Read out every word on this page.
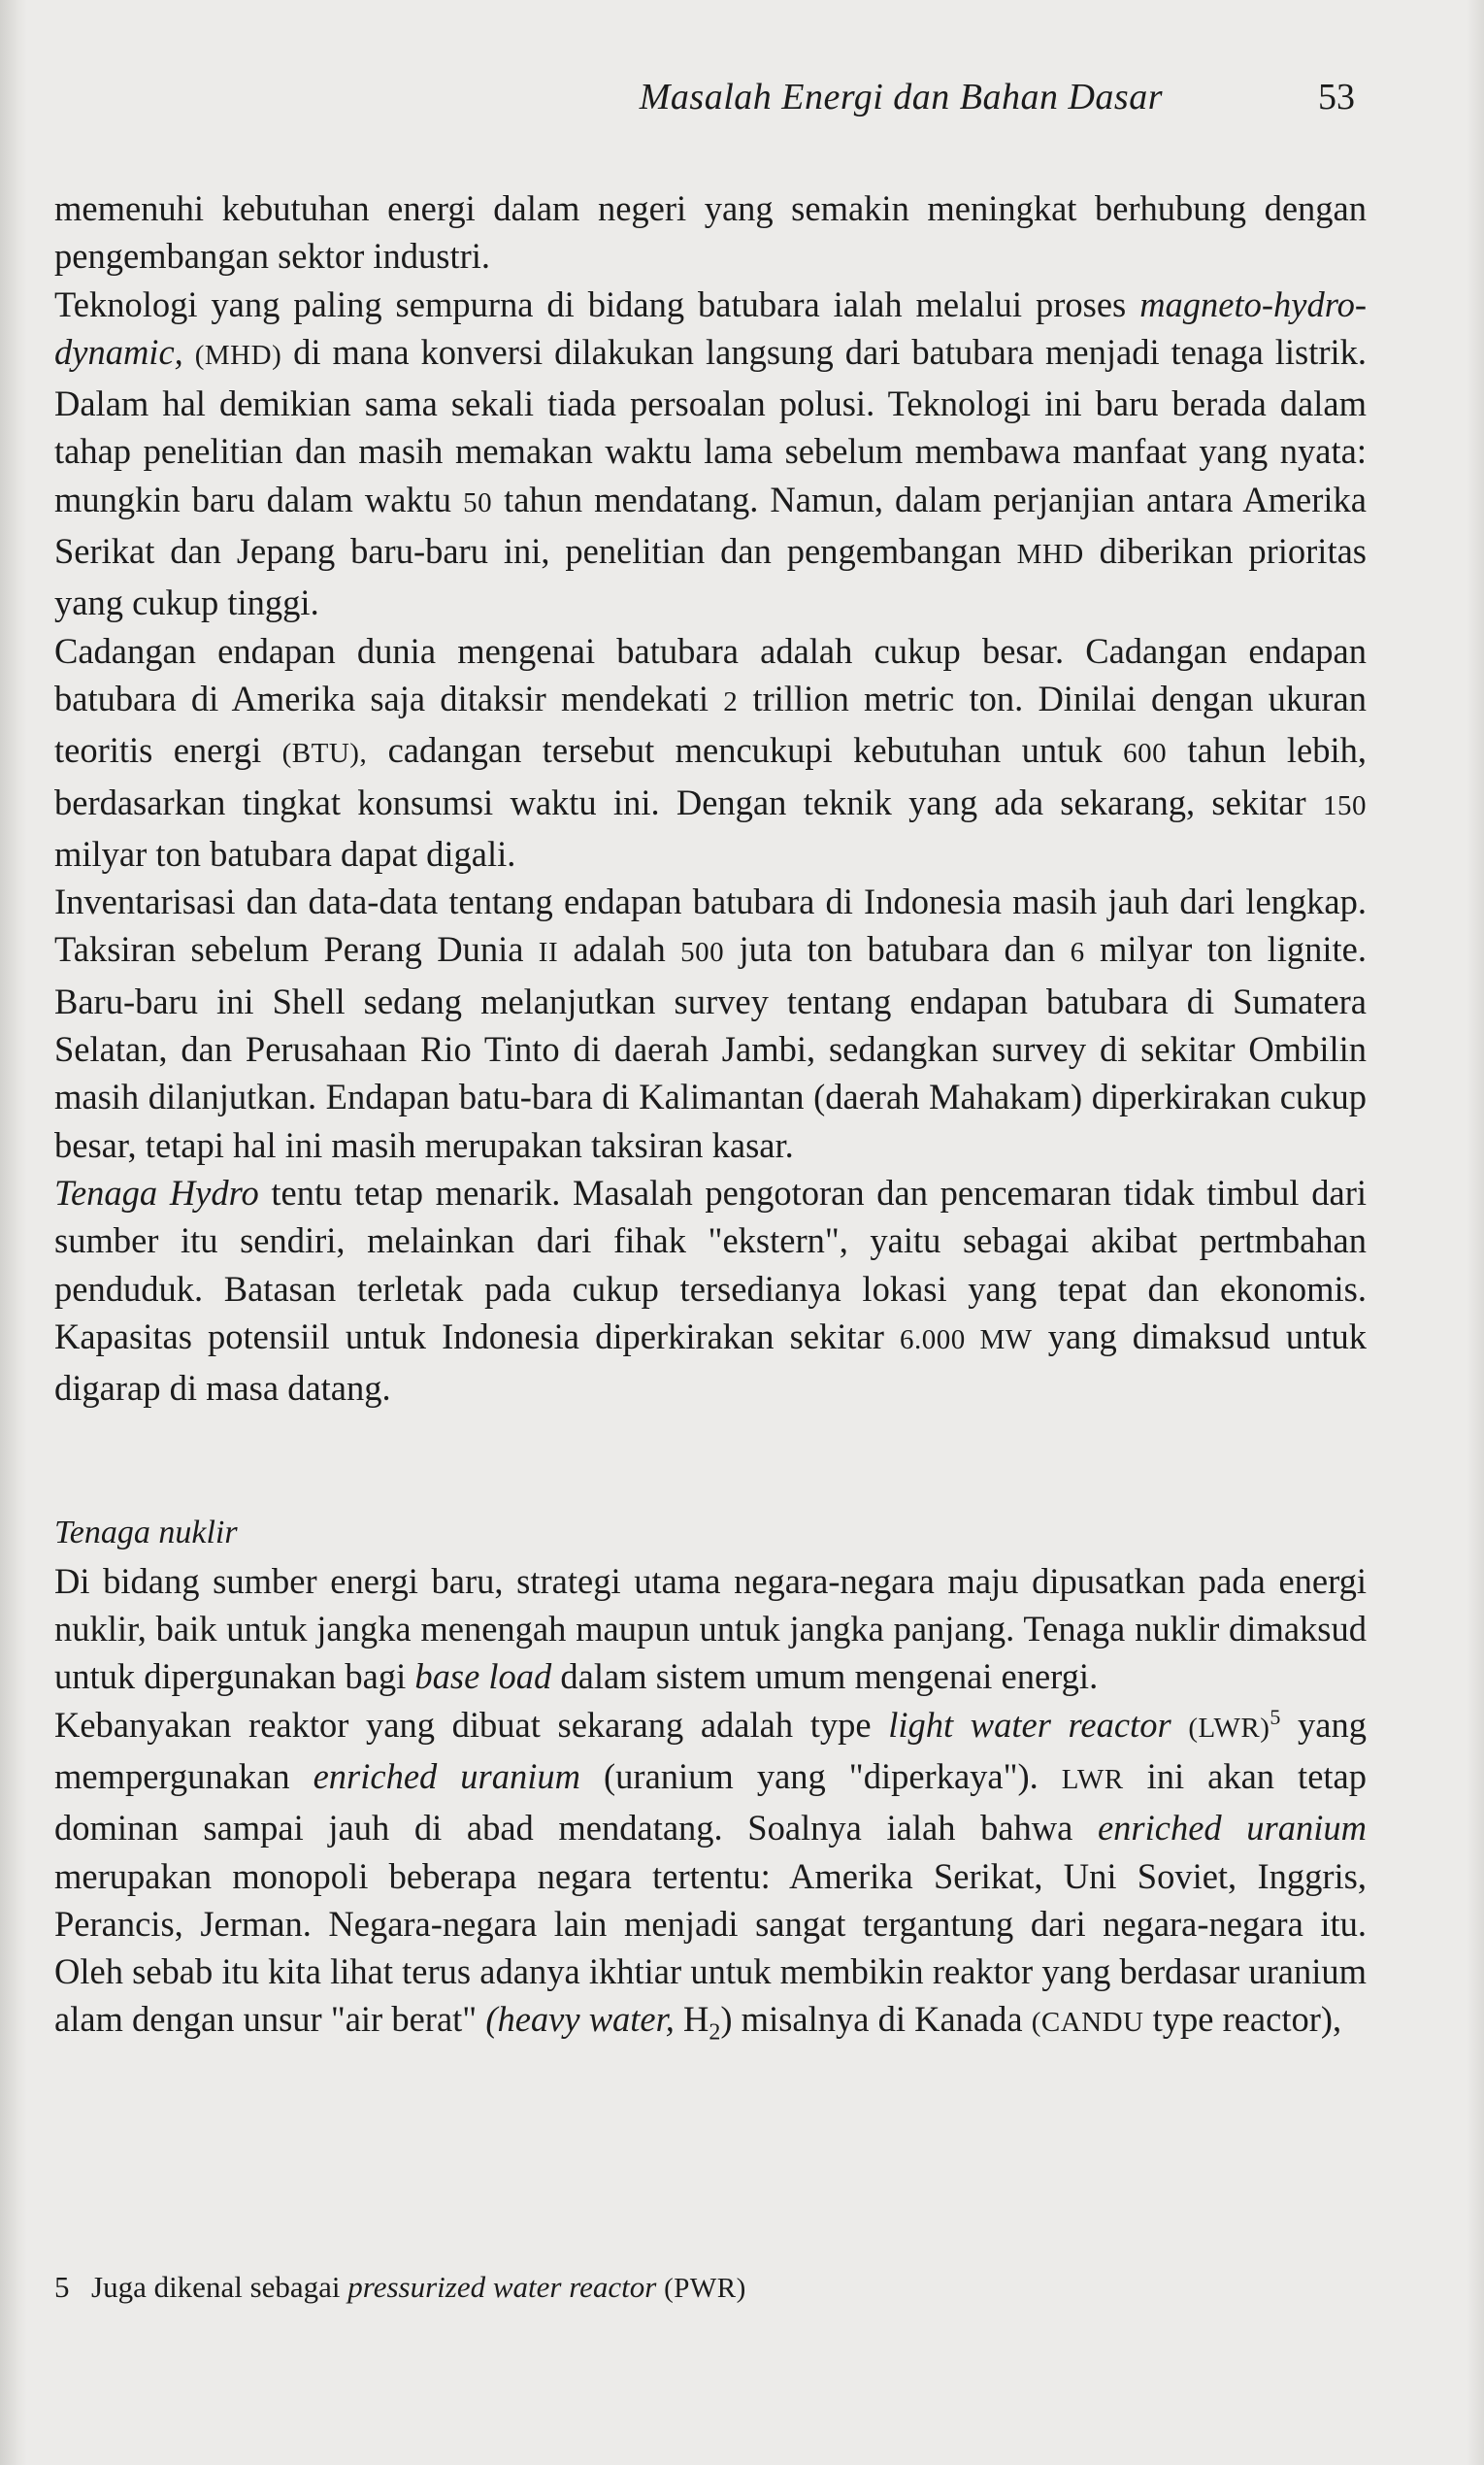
Masalah Energi dan Bahan Dasar	53

memenuhi kebutuhan energi dalam negeri yang semakin meningkat berhubung dengan pengembangan sektor industri.

Teknologi yang paling sempurna di bidang batubara ialah melalui proses magneto-hydro-dynamic, (MHD) di mana konversi dilakukan langsung dari batubara menjadi tenaga listrik. Dalam hal demikian sama sekali tiada persoalan polusi. Teknologi ini baru berada dalam tahap penelitian dan masih memakan waktu lama sebelum membawa manfaat yang nyata: mungkin baru dalam waktu 50 tahun mendatang. Namun, dalam perjanjian antara Amerika Serikat dan Jepang baru-baru ini, penelitian dan pengembangan MHD diberikan prioritas yang cukup tinggi.

Cadangan endapan dunia mengenai batubara adalah cukup besar. Cadangan endapan batubara di Amerika saja ditaksir mendekati 2 trillion metric ton. Dinilai dengan ukuran teoritis energi (BTU), cadangan tersebut mencukupi kebutuhan untuk 600 tahun lebih, berdasarkan tingkat konsumsi waktu ini. Dengan teknik yang ada sekarang, sekitar 150 milyar ton batubara dapat digali.

Inventarisasi dan data-data tentang endapan batubara di Indonesia masih jauh dari lengkap. Taksiran sebelum Perang Dunia II adalah 500 juta ton batubara dan 6 milyar ton lignite. Baru-baru ini Shell sedang melanjutkan survey tentang endapan batubara di Sumatera Selatan, dan Perusahaan Rio Tinto di daerah Jambi, sedangkan survey di sekitar Ombilin masih dilanjutkan. Endapan batu-bara di Kalimantan (daerah Mahakam) diperkirakan cukup besar, tetapi hal ini masih merupakan taksiran kasar.

Tenaga Hydro tentu tetap menarik. Masalah pengotoran dan pencemaran tidak timbul dari sumber itu sendiri, melainkan dari fihak "ekstern", yaitu sebagai akibat pertmbahan penduduk. Batasan terletak pada cukup tersedianya lokasi yang tepat dan ekonomis. Kapasitas potensiil untuk Indonesia diperkirakan sekitar 6.000 MW yang dimaksud untuk digarap di masa datang.

Tenaga nuklir

Di bidang sumber energi baru, strategi utama negara-negara maju dipusatkan pada energi nuklir, baik untuk jangka menengah maupun untuk jangka panjang. Tenaga nuklir dimaksud untuk dipergunakan bagi base load dalam sistem umum mengenai energi.

Kebanyakan reaktor yang dibuat sekarang adalah type light water reactor (LWR)$^5$ yang mempergunakan enriched uranium (uranium yang "diperkaya"). LWR ini akan tetap dominan sampai jauh di abad mendatang. Soalnya ialah bahwa enriched uranium merupakan monopoli beberapa negara tertentu: Amerika Serikat, Uni Soviet, Inggris, Perancis, Jerman. Negara-negara lain menjadi sangat tergantung dari negara-negara itu. Oleh sebab itu kita lihat terus adanya ikhtiar untuk membikin reaktor yang berdasar uranium alam dengan unsur "air berat" (heavy water, $H_2$) misalnya di Kanada (CANDU type reactor),

5 Juga dikenal sebagai pressurized water reactor (PWR)
